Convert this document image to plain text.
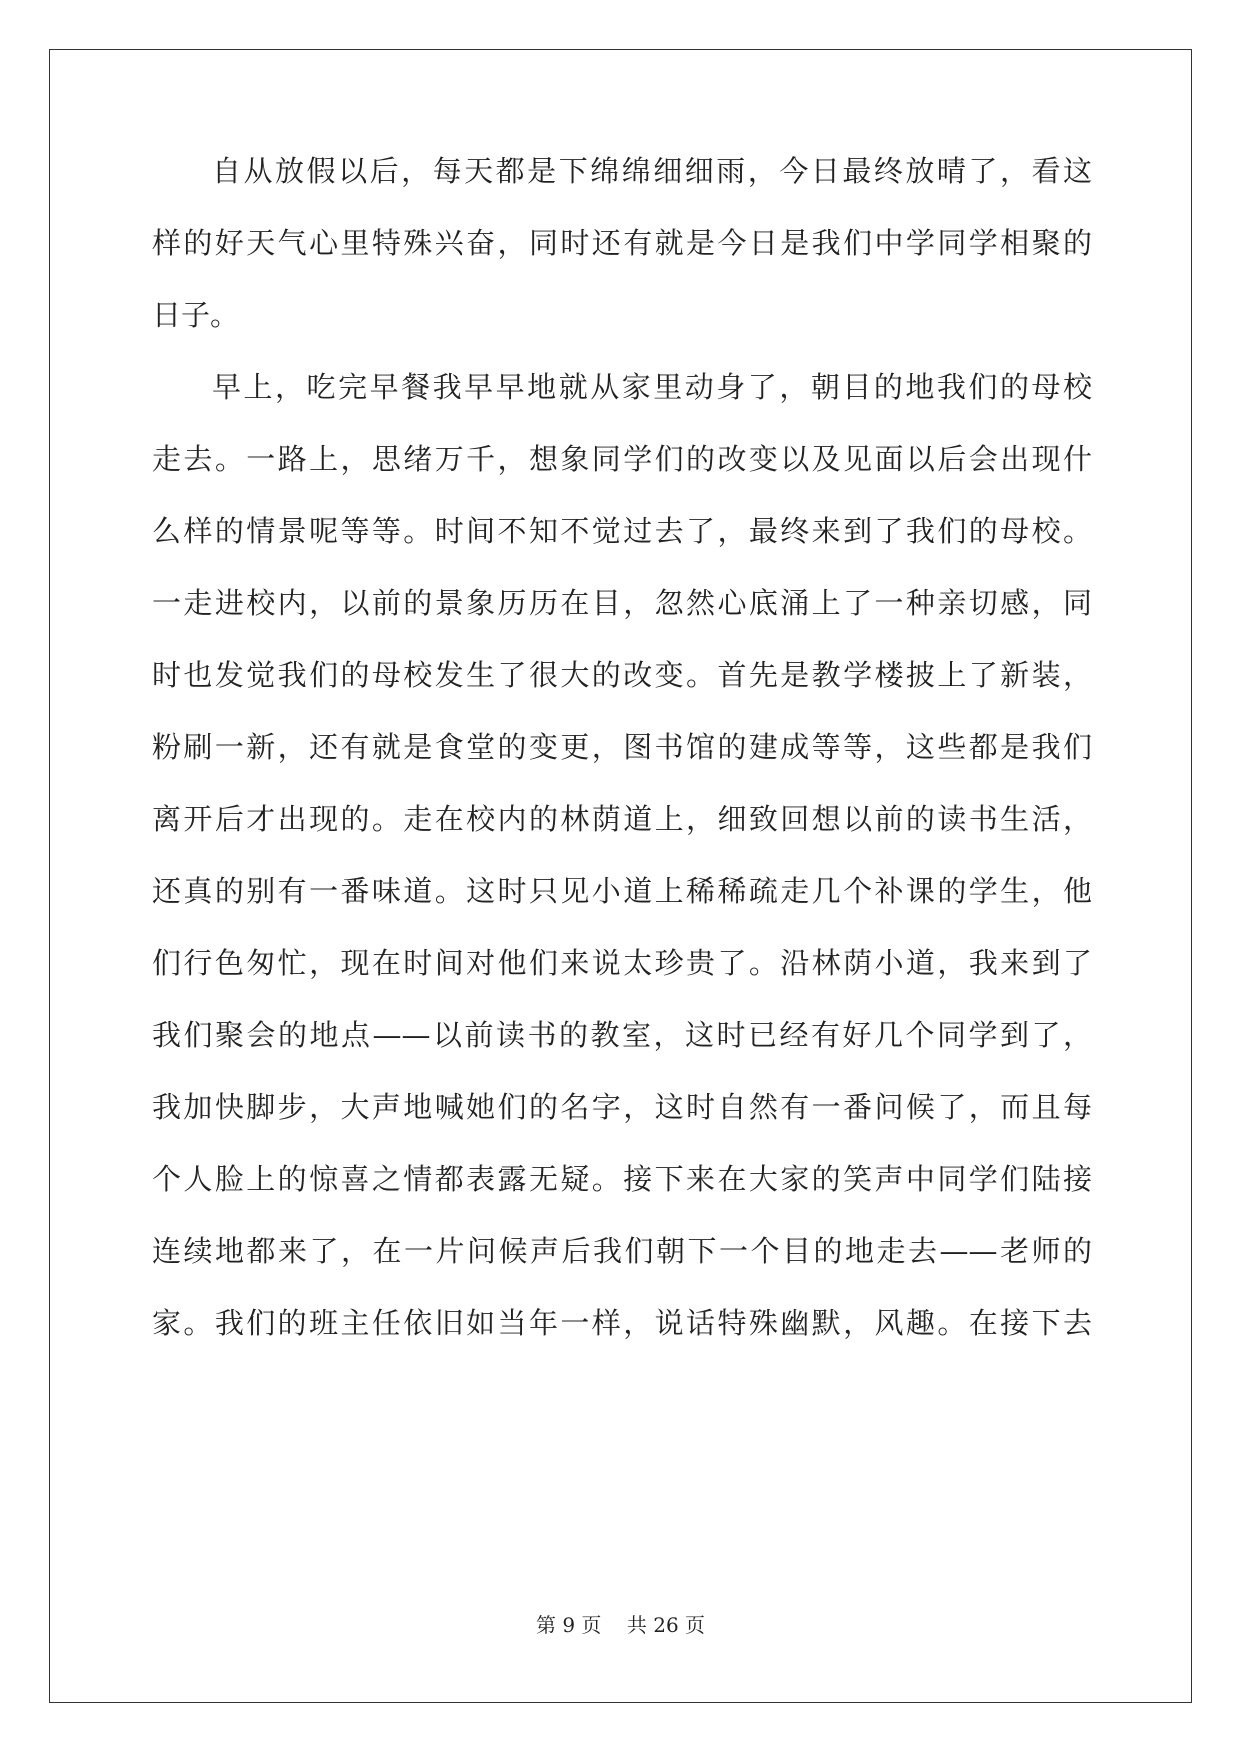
自从放假以后，每天都是下绵绵细细雨，今日最终放晴了，看这
样的好天气心里特殊兴奋，同时还有就是今日是我们中学同学相聚的
日子。
早上，吃完早餐我早早地就从家里动身了，朝目的地我们的母校
走去。一路上，思绪万千，想象同学们的改变以及见面以后会出现什
么样的情景呢等等。时间不知不觉过去了，最终来到了我们的母校。
一走进校内，以前的景象历历在目，忽然心底涌上了一种亲切感，同
时也发觉我们的母校发生了很大的改变。首先是教学楼披上了新装，
粉刷一新，还有就是食堂的变更，图书馆的建成等等，这些都是我们
离开后才出现的。走在校内的林荫道上，细致回想以前的读书生活，
还真的别有一番味道。这时只见小道上稀稀疏走几个补课的学生，他
们行色匆忙，现在时间对他们来说太珍贵了。沿林荫小道，我来到了
我们聚会的地点——以前读书的教室，这时已经有好几个同学到了，
我加快脚步，大声地喊她们的名字，这时自然有一番问候了，而且每
个人脸上的惊喜之情都表露无疑。接下来在大家的笑声中同学们陆接
连续地都来了，在一片问候声后我们朝下一个目的地走去——老师的
家。我们的班主任依旧如当年一样，说话特殊幽默，风趣。在接下去
第 9 页 共 26 页
